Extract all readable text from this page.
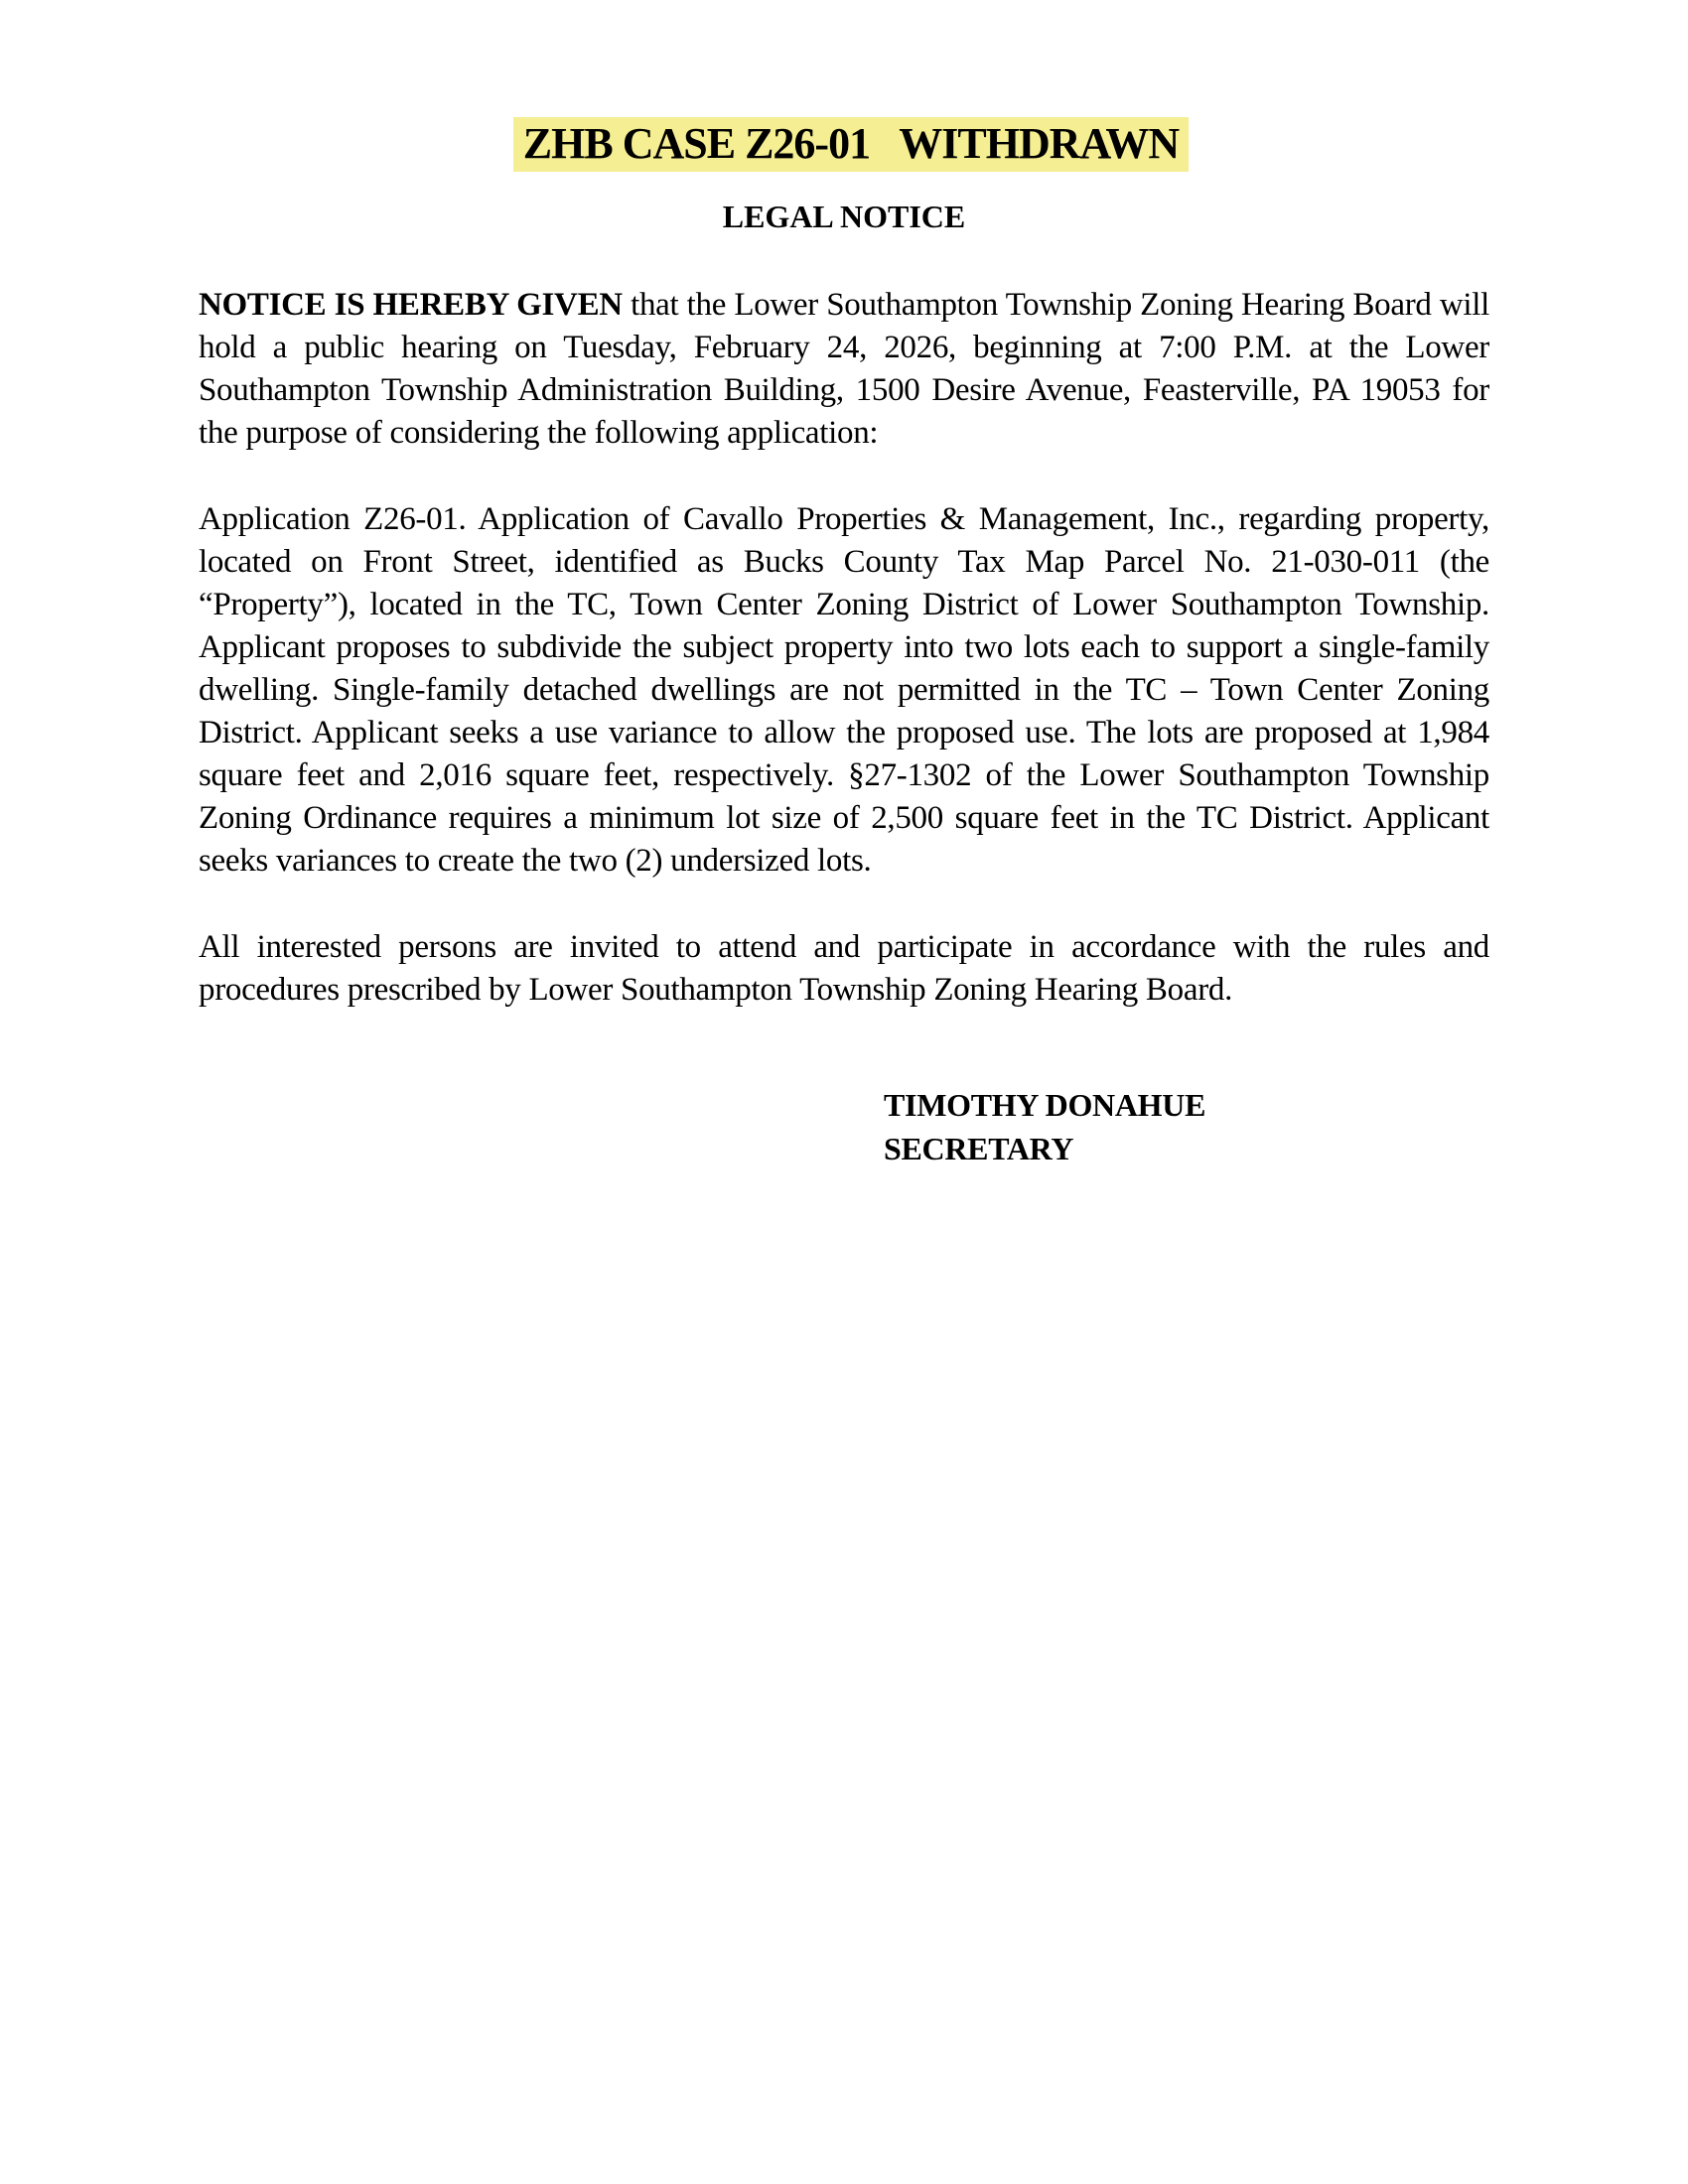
ZHB CASE Z26-01   WITHDRAWN
LEGAL NOTICE

NOTICE IS HEREBY GIVEN that the Lower Southampton Township Zoning Hearing Board will hold a public hearing on Tuesday, February 24, 2026, beginning at 7:00 P.M. at the Lower Southampton Township Administration Building, 1500 Desire Avenue, Feasterville, PA 19053 for the purpose of considering the following application:

Application Z26-01. Application of Cavallo Properties & Management, Inc., regarding property, located on Front Street, identified as Bucks County Tax Map Parcel No. 21-030-011 (the “Property”), located in the TC, Town Center Zoning District of Lower Southampton Township. Applicant proposes to subdivide the subject property into two lots each to support a single-family dwelling. Single-family detached dwellings are not permitted in the TC – Town Center Zoning District. Applicant seeks a use variance to allow the proposed use. The lots are proposed at 1,984 square feet and 2,016 square feet, respectively. §27-1302 of the Lower Southampton Township Zoning Ordinance requires a minimum lot size of 2,500 square feet in the TC District. Applicant seeks variances to create the two (2) undersized lots.

All interested persons are invited to attend and participate in accordance with the rules and procedures prescribed by Lower Southampton Township Zoning Hearing Board.

TIMOTHY DONAHUE
SECRETARY
